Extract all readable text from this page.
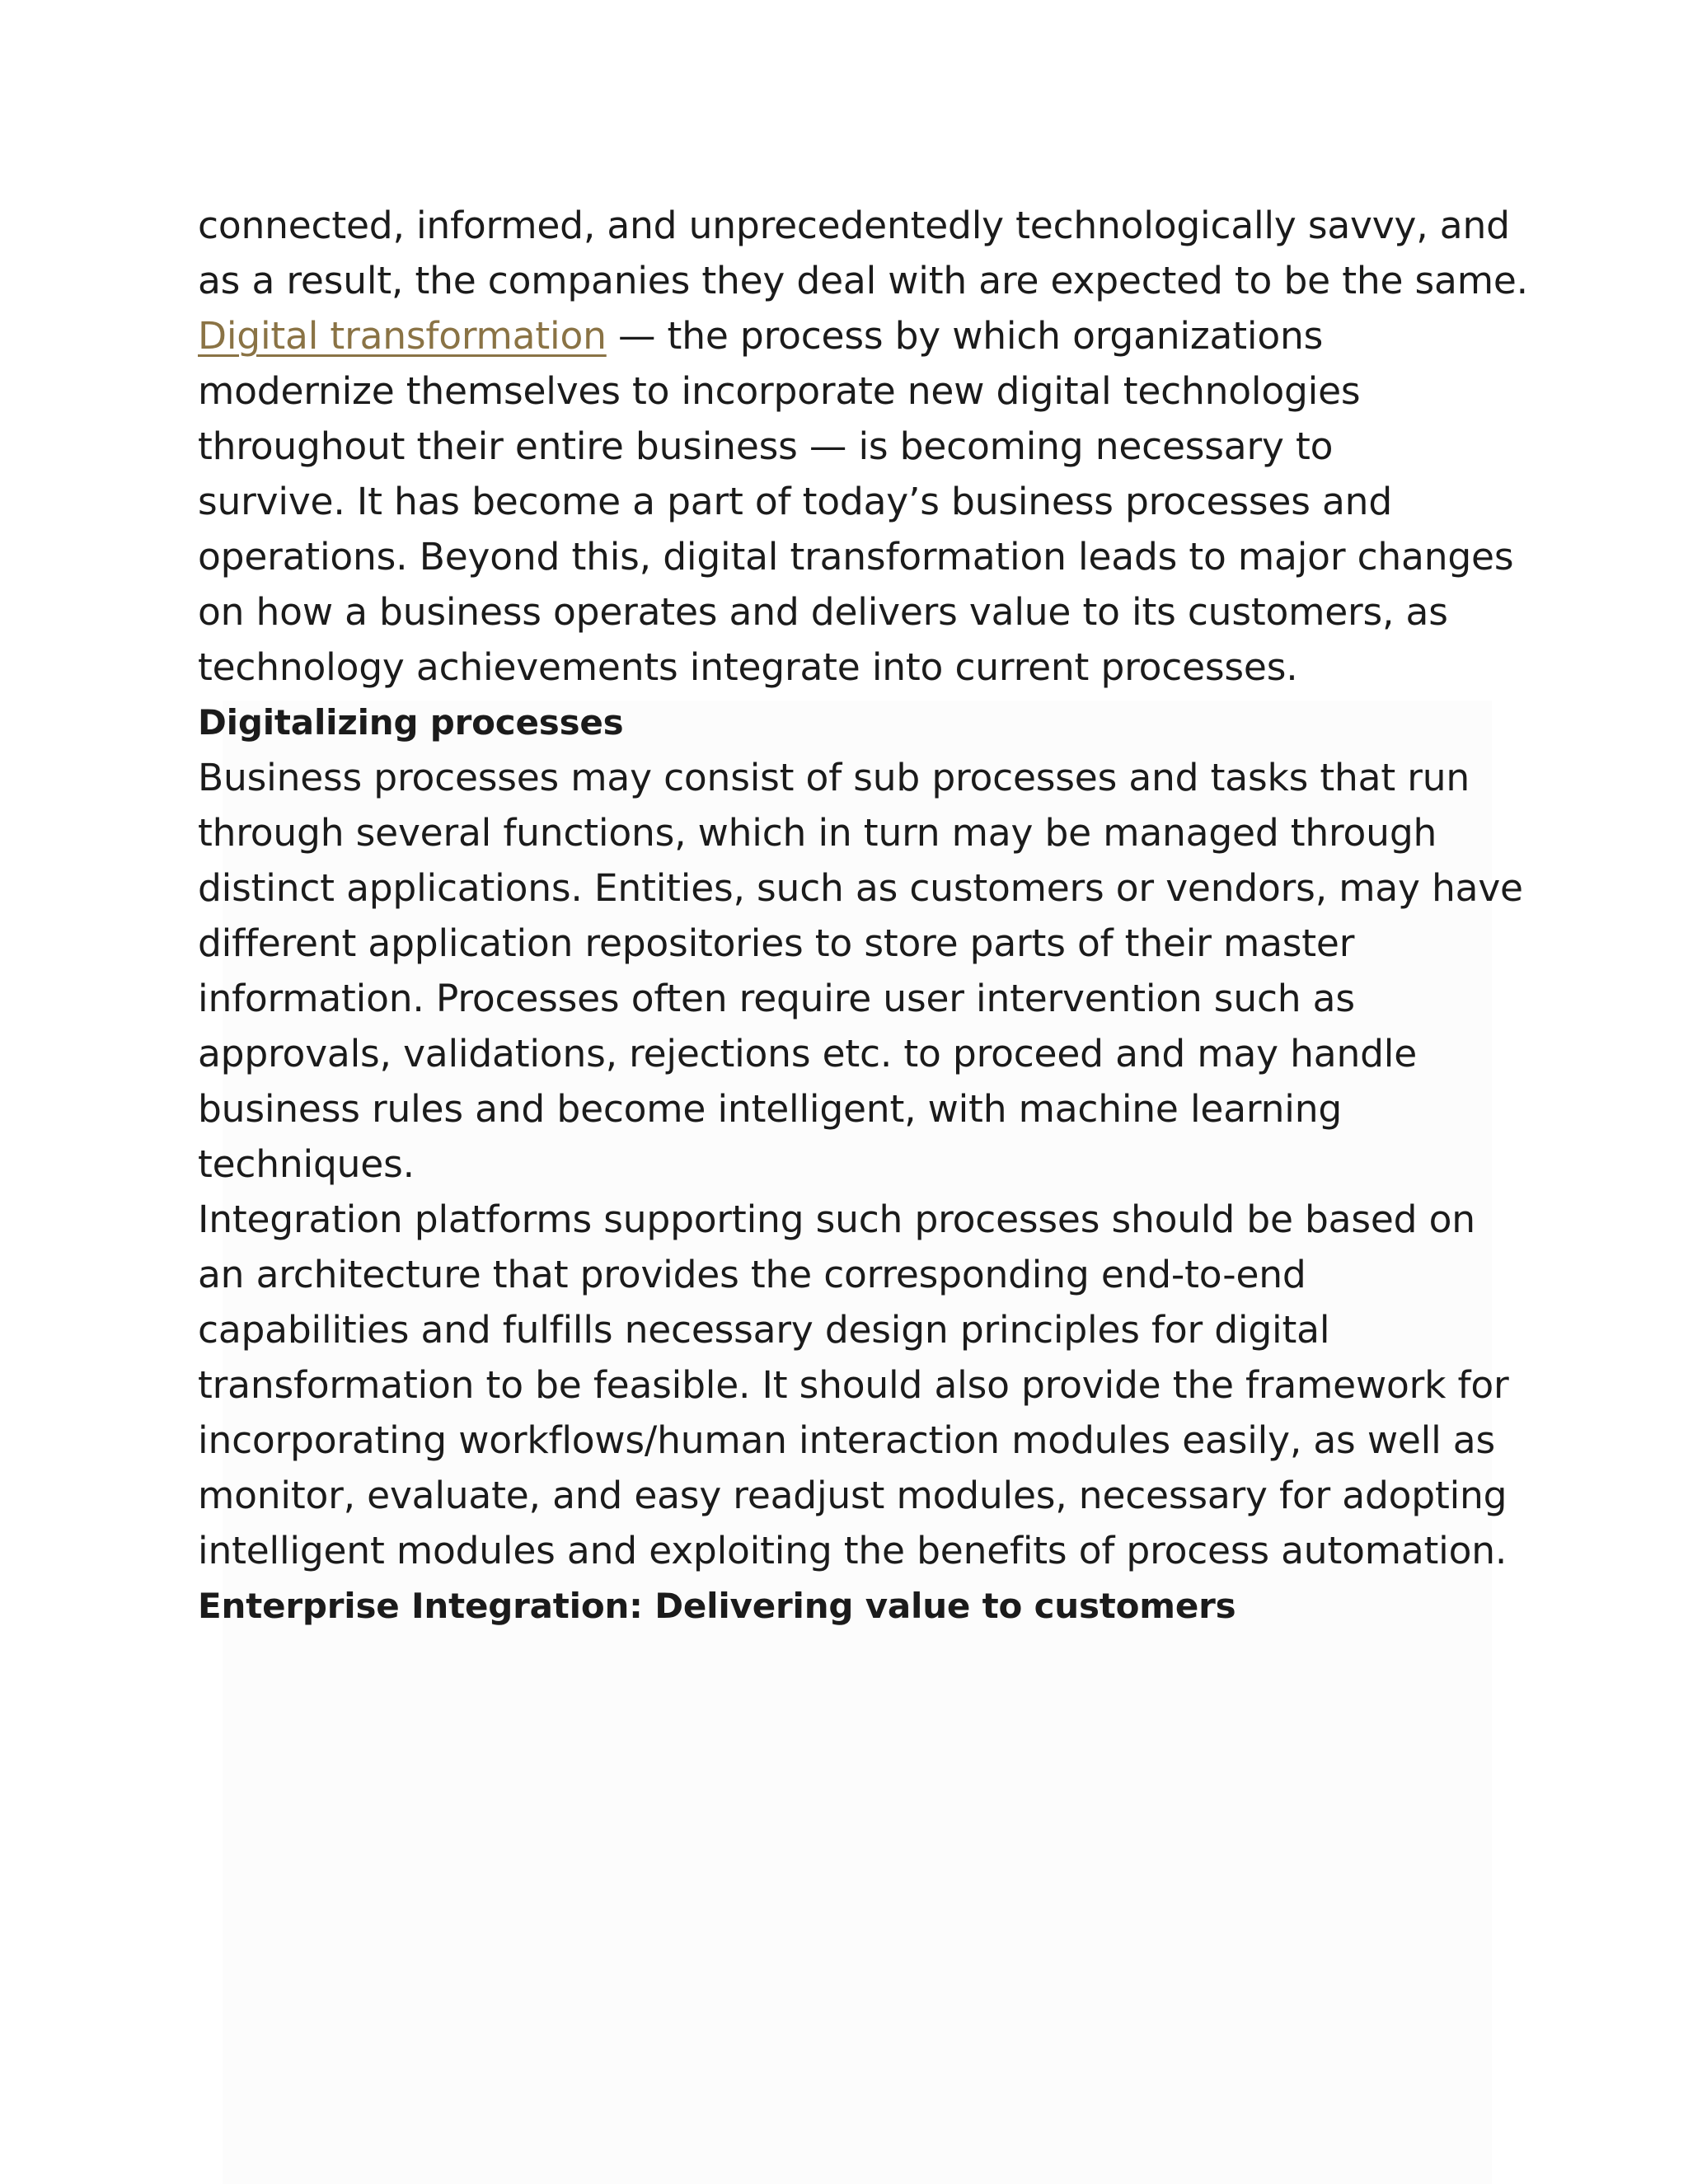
connected, informed, and unprecedentedly technologically savvy, and
as a result, the companies they deal with are expected to be the same.

Digital transformation — the process by which organizations
modernize themselves to incorporate new digital technologies
throughout their entire business — is becoming necessary to
survive. It has become a part of today’s business processes and
operations. Beyond this, digital transformation leads to major changes
on how a business operates and delivers value to its customers, as
technology achievements integrate into current processes.

Digitalizing processes

Business processes may consist of sub processes and tasks that run
through several functions, which in turn may be managed through
distinct applications. Entities, such as customers or vendors, may have
different application repositories to store parts of their master
information. Processes often require user intervention such as
approvals, validations, rejections etc. to proceed and may handle
business rules and become intelligent, with machine learning
techniques.

Integration platforms supporting such processes should be based on
an architecture that provides the corresponding end-to-end
capabilities and fulfills necessary design principles for digital
transformation to be feasible. It should also provide the framework for
incorporating workflows/human interaction modules easily, as well as
monitor, evaluate, and easy readjust modules, necessary for adopting
intelligent modules and exploiting the benefits of process automation.

Enterprise Integration: Delivering value to customers
